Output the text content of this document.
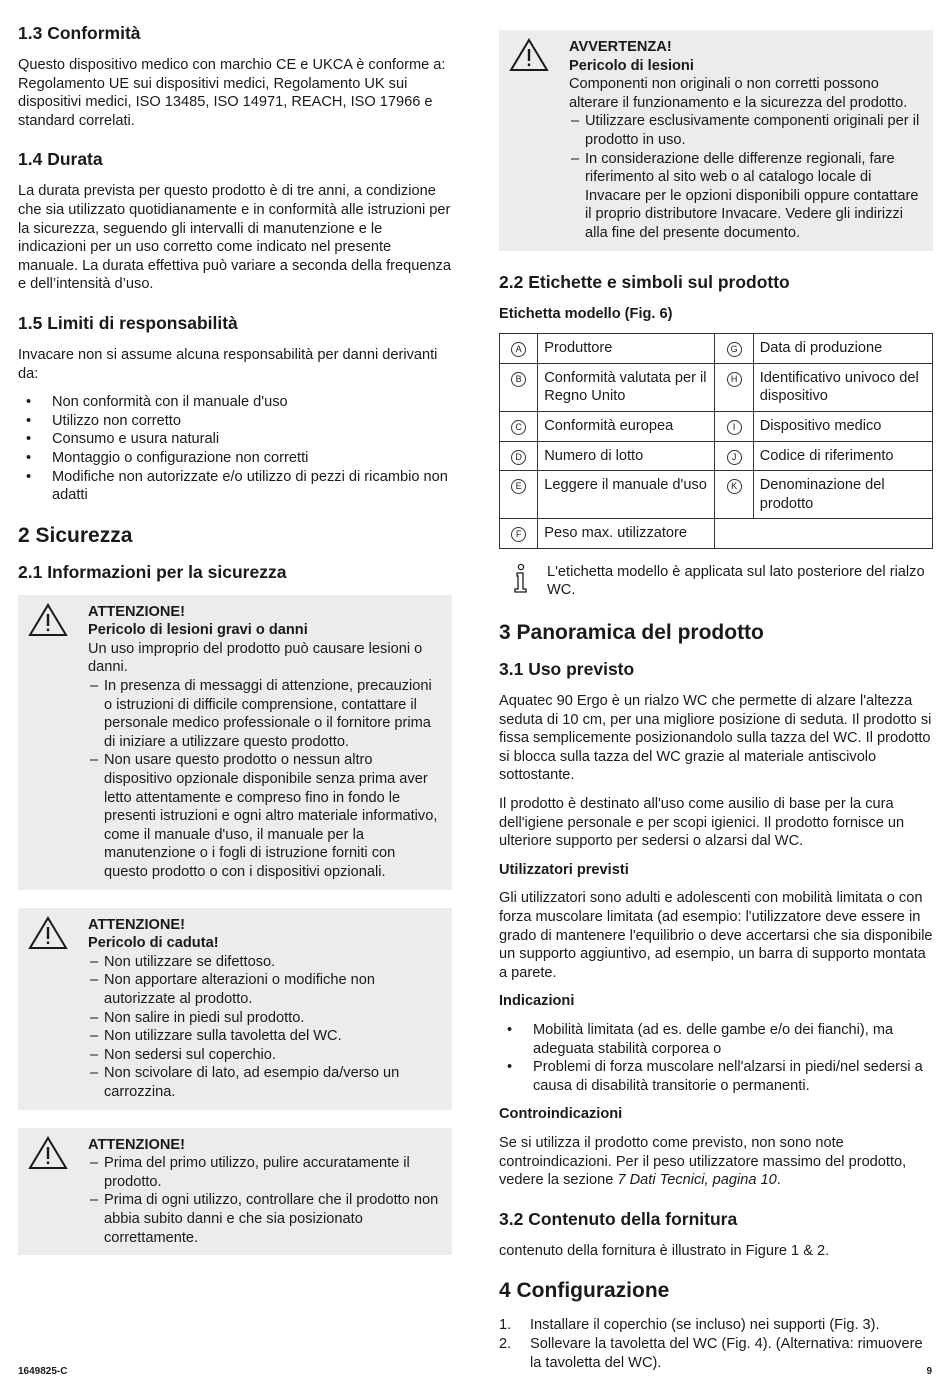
1.3 Conformità

Questo dispositivo medico con marchio CE e UKCA è conforme a: Regolamento UE sui dispositivi medici, Regolamento UK sui dispositivi medici, ISO 13485, ISO 14971, REACH, ISO 17966 e standard correlati.

1.4 Durata

La durata prevista per questo prodotto è di tre anni, a condizione che sia utilizzato quotidianamente e in conformità alle istruzioni per la sicurezza, seguendo gli intervalli di manutenzione e le indicazioni per un uso corretto come indicato nel presente manuale. La durata effettiva può variare a seconda della frequenza e dell’intensità d’uso.

1.5 Limiti di responsabilità

Invacare non si assume alcuna responsabilità per danni derivanti da:

• Non conformità con il manuale d'uso
• Utilizzo non corretto
• Consumo e usura naturali
• Montaggio o configurazione non corretti
• Modifiche non autorizzate e/o utilizzo di pezzi di ricambio non adatti
2 Sicurezza
2.1 Informazioni per la sicurezza
ATTENZIONE!
Pericolo di lesioni gravi o danni
Un uso improprio del prodotto può causare lesioni o danni.
– In presenza di messaggi di attenzione, precauzioni o istruzioni di difficile comprensione, contattare il personale medico professionale o il fornitore prima di iniziare a utilizzare questo prodotto.
– Non usare questo prodotto o nessun altro dispositivo opzionale disponibile senza prima aver letto attentamente e compreso fino in fondo le presenti istruzioni e ogni altro materiale informativo, come il manuale d'uso, il manuale per la manutenzione o i fogli di istruzione forniti con questo prodotto o con i dispositivi opzionali.
ATTENZIONE!
Pericolo di caduta!
– Non utilizzare se difettoso.
– Non apportare alterazioni o modifiche non autorizzate al prodotto.
– Non salire in piedi sul prodotto.
– Non utilizzare sulla tavoletta del WC.
– Non sedersi sul coperchio.
– Non scivolare di lato, ad esempio da/verso un carrozzina.
ATTENZIONE!
– Prima del primo utilizzo, pulire accuratamente il prodotto.
– Prima di ogni utilizzo, controllare che il prodotto non abbia subito danni e che sia posizionato correttamente.
AVVERTENZA!
Pericolo di lesioni
Componenti non originali o non corretti possono alterare il funzionamento e la sicurezza del prodotto.
– Utilizzare esclusivamente componenti originali per il prodotto in uso.
– In considerazione delle differenze regionali, fare riferimento al sito web o al catalogo locale di Invacare per le opzioni disponibili oppure contattare il proprio distributore Invacare. Vedere gli indirizzi alla fine del presente documento.
2.2 Etichette e simboli sul prodotto
Etichetta modello (Fig. 6)
A	Produttore	G	Data di produzione
B	Conformità valutata per il Regno Unito	H	Identificativo univoco del dispositivo
C	Conformità europea	I	Dispositivo medico
D	Numero di lotto	J	Codice di riferimento
E	Leggere il manuale d'uso	K	Denominazione del prodotto
F	Peso max. utilizzatore		
L'etichetta modello è applicata sul lato posteriore del rialzo WC.
3 Panoramica del prodotto
3.1 Uso previsto

Aquatec 90 Ergo è un rialzo WC che permette di alzare l'altezza seduta di 10 cm, per una migliore posizione di seduta. Il prodotto si fissa semplicemente posizionandolo sulla tazza del WC. Il prodotto si blocca sulla tazza del WC grazie al materiale antiscivolo sottostante.

Il prodotto è destinato all'uso come ausilio di base per la cura dell'igiene personale e per scopi igienici. Il prodotto fornisce un ulteriore supporto per sedersi o alzarsi dal WC.

Utilizzatori previsti

Gli utilizzatori sono adulti e adolescenti con mobilità limitata o con forza muscolare limitata (ad esempio: l'utilizzatore deve essere in grado di mantenere l'equilibrio o deve accertarsi che sia disponibile un supporto aggiuntivo, ad esempio, un barra di supporto montata a parete.

Indicazioni
• Mobilità limitata (ad es. delle gambe e/o dei fianchi), ma adeguata stabilità corporea o
• Problemi di forza muscolare nell'alzarsi in piedi/nel sedersi a causa di disabilità transitorie o permanenti.
Controindicazioni

Se si utilizza il prodotto come previsto, non sono note controindicazioni. Per il peso utilizzatore massimo del prodotto, vedere la sezione 7 Dati Tecnici, pagina 10.

3.2 Contenuto della fornitura

contenuto della fornitura è illustrato in Figure 1 & 2.

4 Configurazione
1. Installare il coperchio (se incluso) nei supporti (Fig. 3).
2. Sollevare la tavoletta del WC (Fig. 4). (Alternativa: rimuovere la tavoletta del WC).
1649825-C	9
